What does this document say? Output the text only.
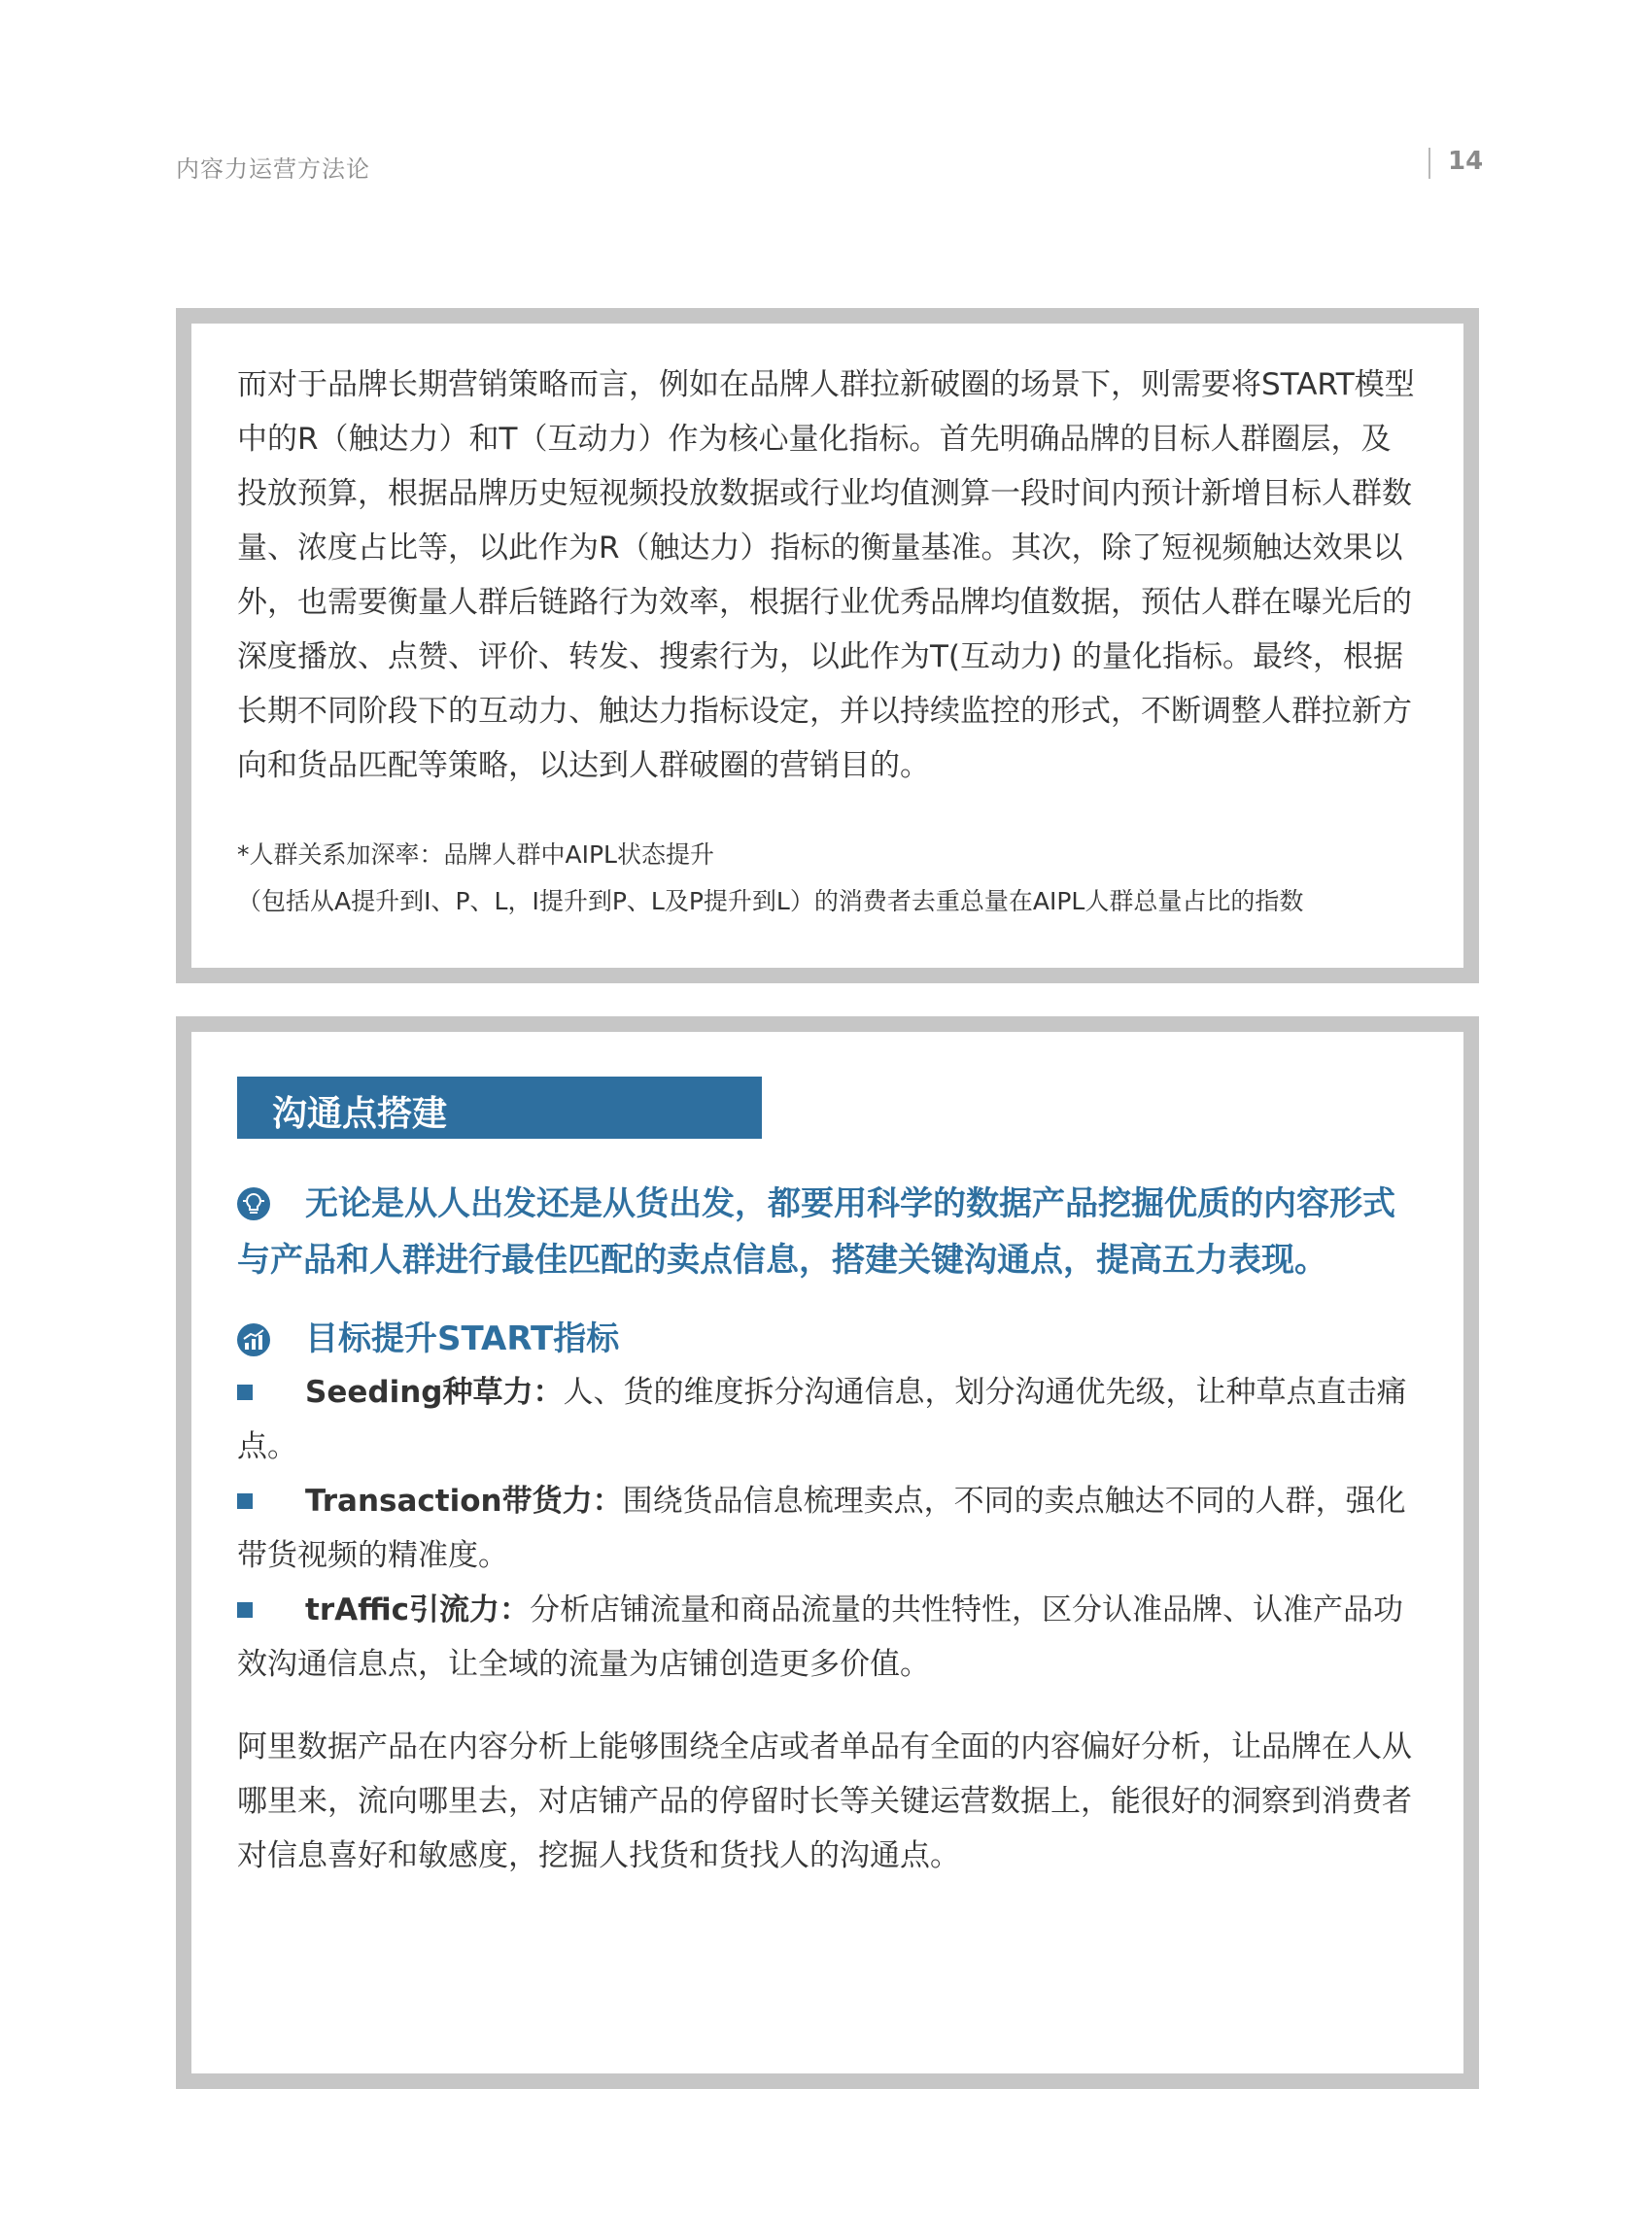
内容力运营方法论	14
而对于品牌长期营销策略而言，例如在品牌人群拉新破圈的场景下，则需要将START模型中的R（触达力）和T（互动力）作为核心量化指标。首先明确品牌的目标人群圈层，及投放预算，根据品牌历史短视频投放数据或行业均值测算一段时间内预计新增目标人群数量、浓度占比等，以此作为R（触达力）指标的衡量基准。其次，除了短视频触达效果以外，也需要衡量人群后链路行为效率，根据行业优秀品牌均值数据，预估人群在曝光后的深度播放、点赞、评价、转发、搜索行为，以此作为T(互动力) 的量化指标。最终，根据长期不同阶段下的互动力、触达力指标设定，并以持续监控的形式，不断调整人群拉新方向和货品匹配等策略，以达到人群破圈的营销目的。
*人群关系加深率：品牌人群中AIPL状态提升
（包括从A提升到I、P、L，I提升到P、L及P提升到L）的消费者去重总量在AIPL人群总量占比的指数
沟通点搭建
无论是从人出发还是从货出发，都要用科学的数据产品挖掘优质的内容形式与产品和人群进行最佳匹配的卖点信息，搭建关键沟通点，提高五力表现。
目标提升START指标
Seeding种草力：人、货的维度拆分沟通信息，划分沟通优先级，让种草点直击痛点。
Transaction带货力：围绕货品信息梳理卖点，不同的卖点触达不同的人群，强化带货视频的精准度。
trAffic引流力：分析店铺流量和商品流量的共性特性，区分认准品牌、认准产品功效沟通信息点，让全域的流量为店铺创造更多价值。
阿里数据产品在内容分析上能够围绕全店或者单品有全面的内容偏好分析，让品牌在人从哪里来，流向哪里去，对店铺产品的停留时长等关键运营数据上，能很好的洞察到消费者对信息喜好和敏感度，挖掘人找货和货找人的沟通点。
